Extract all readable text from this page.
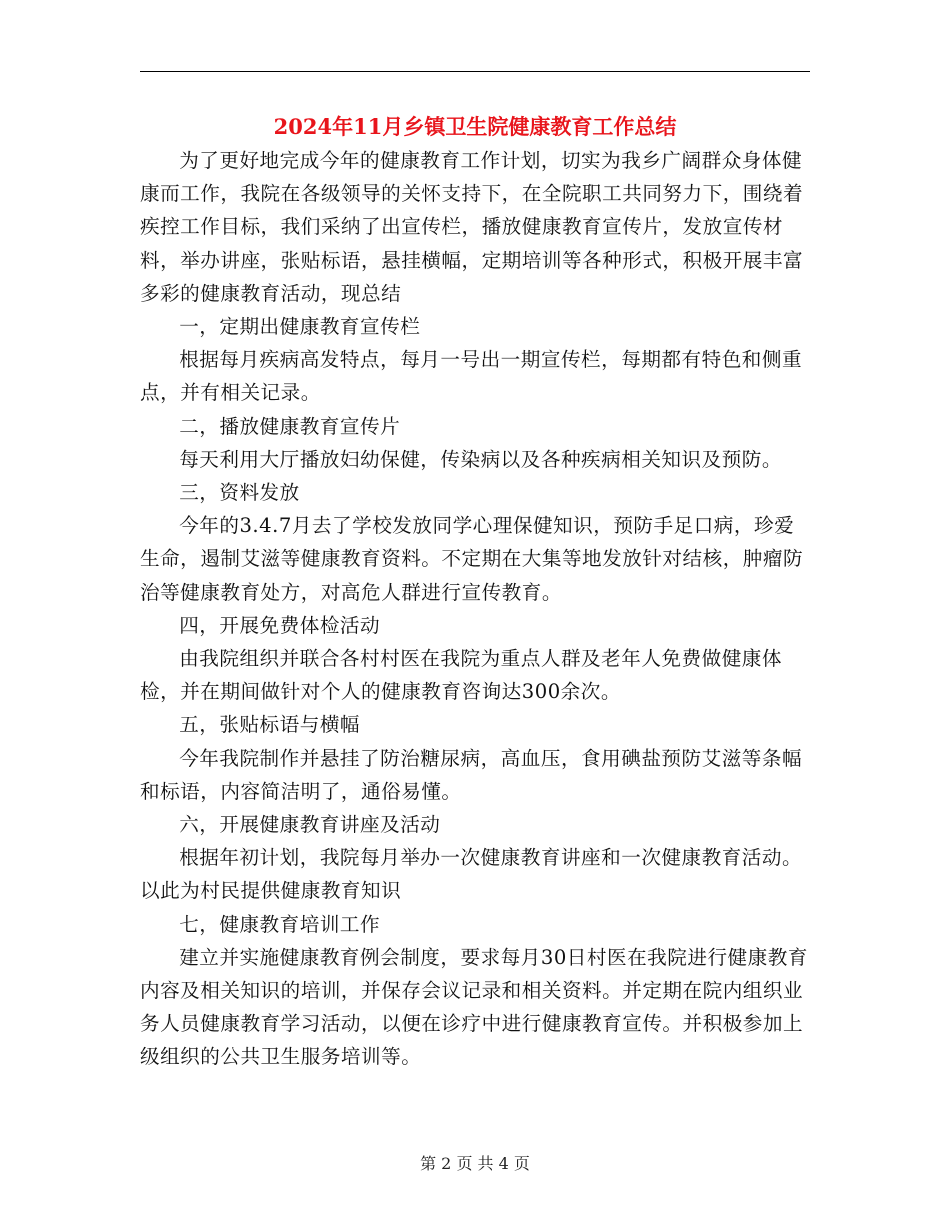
2024年11月乡镇卫生院健康教育工作总结

为了更好地完成今年的健康教育工作计划，切实为我乡广阔群众身体健康而工作，我院在各级领导的关怀支持下，在全院职工共同努力下，围绕着疾控工作目标，我们采纳了出宣传栏，播放健康教育宣传片，发放宣传材料，举办讲座，张贴标语，悬挂横幅，定期培训等各种形式，积极开展丰富多彩的健康教育活动，现总结

一，定期出健康教育宣传栏

根据每月疾病高发特点，每月一号出一期宣传栏，每期都有特色和侧重点，并有相关记录。

二，播放健康教育宣传片

每天利用大厅播放妇幼保健，传染病以及各种疾病相关知识及预防。

三，资料发放

今年的3.4.7月去了学校发放同学心理保健知识，预防手足口病，珍爱生命，遏制艾滋等健康教育资料。不定期在大集等地发放针对结核，肿瘤防治等健康教育处方，对高危人群进行宣传教育。

四，开展免费体检活动

由我院组织并联合各村村医在我院为重点人群及老年人免费做健康体检，并在期间做针对个人的健康教育咨询达300余次。

五，张贴标语与横幅

今年我院制作并悬挂了防治糖尿病，高血压，食用碘盐预防艾滋等条幅和标语，内容简洁明了，通俗易懂。

六，开展健康教育讲座及活动

根据年初计划，我院每月举办一次健康教育讲座和一次健康教育活动。以此为村民提供健康教育知识

七，健康教育培训工作

建立并实施健康教育例会制度，要求每月30日村医在我院进行健康教育内容及相关知识的培训，并保存会议记录和相关资料。并定期在院内组织业务人员健康教育学习活动，以便在诊疗中进行健康教育宣传。并积极参加上级组织的公共卫生服务培训等。

第 2 页 共 4 页
